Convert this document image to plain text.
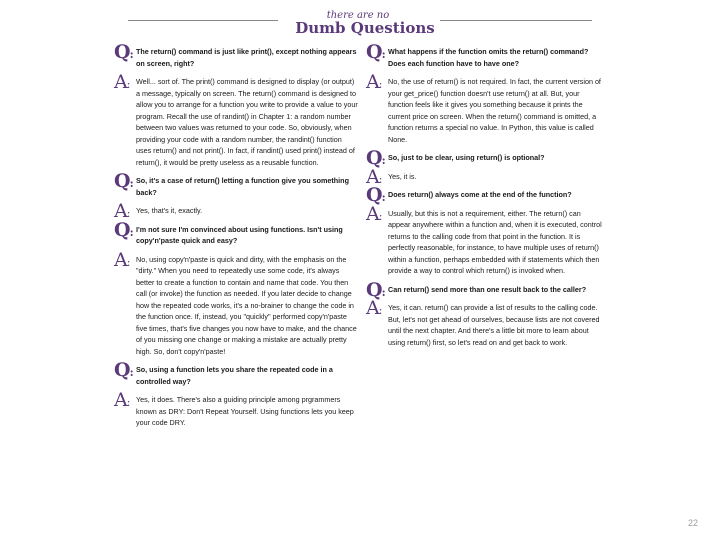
there are no
Dumb Questions
Q : The return() command is just like print(), except nothing appears on screen, right?
A :	Well... sort of. The print() command is designed to display (or output) a message, typically on screen. The return() command is designed to allow you to arrange for a function you write to provide a value to your program. Recall the use of randint() in Chapter 1: a random number between two values was returned to your code. So, obviously, when providing your code with a random number, the randint() function uses return() and not print(). In fact, if randint() used print() instead of return(), it would be pretty useless as a reusable function.
Q : So, it's a case of return() letting a function give you something back?
A :	Yes, that's it, exactly.
Q : I'm not sure I'm convinced about using functions. Isn't using copy'n'paste quick and easy?
A :	No, using copy'n'paste is quick and dirty, with the emphasis on the "dirty." When you need to repeatedly use some code, it's always better to create a function to contain and name that code. You then call (or invoke) the function as needed. If you later decide to change how the repeated code works, it's a no-brainer to change the code in the function once. If, instead, you "quickly" performed copy'n'paste five times, that's five changes you now have to make, and the chance of you missing one change or making a mistake are actually pretty high. So, don't copy'n'paste!
Q : So, using a function lets you share the repeated code in a controlled way?
A :	Yes, it does. There's also a guiding principle among prgrammers known as DRY: Don't Repeat Yourself. Using functions lets you keep your code DRY.
Q : What happens if the function omits the return() command? Does each function have to have one?
A :	No, the use of return() is not required. In fact, the current version of your get_price() function doesn't use return() at all. But, your function feels like it gives you something because it prints the current price on screen. When the return() command is omitted, a function returns a special no value. In Python, this value is called None.
Q : So, just to be clear, using return() is optional?
A :	Yes, it is.
Q : Does return() always come at the end of the function?
A :	Usually, but this is not a requirement, either. The return() can appear anywhere within a function and, when it is executed, control returns to the calling code from that point in the function. It is perfectly reasonable, for instance, to have multiple uses of return() within a function, perhaps embedded with if statements which then provide a way to control which return() is invoked when.
Q : Can return() send more than one result back to the caller?
A :	Yes, it can. return() can provide a list of results to the calling code. But, let's not get ahead of ourselves, because lists are not covered until the next chapter. And there's a little bit more to learn about using return() first, so let's read on and get back to work.
22
